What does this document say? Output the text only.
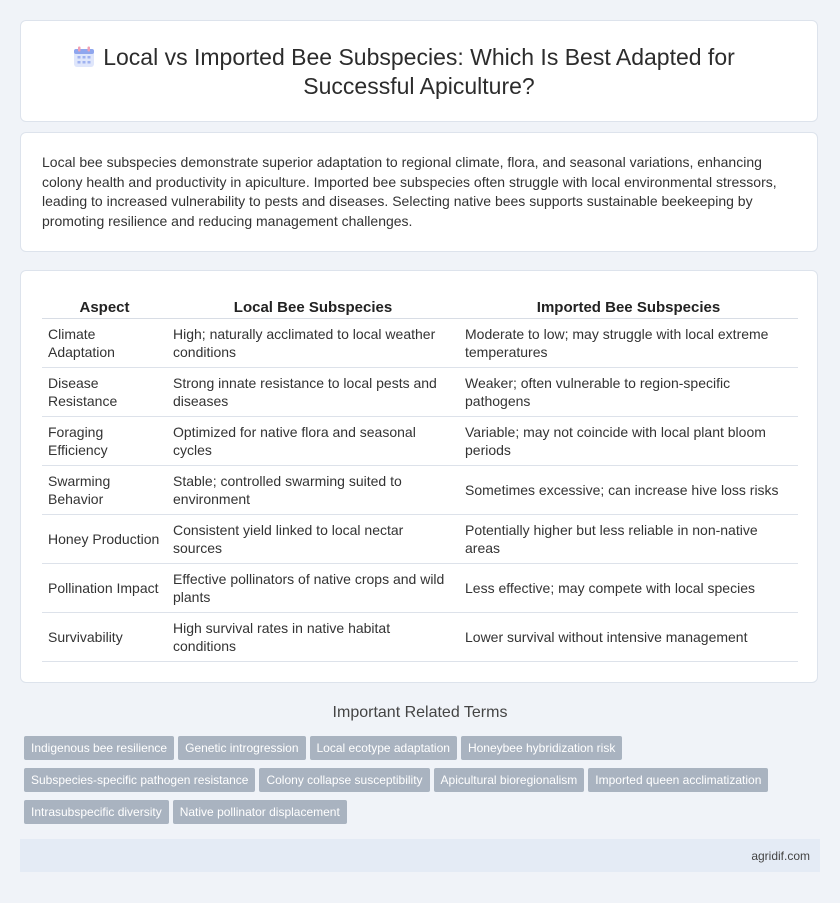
Local vs Imported Bee Subspecies: Which Is Best Adapted for Successful Apiculture?

Local bee subspecies demonstrate superior adaptation to regional climate, flora, and seasonal variations, enhancing colony health and productivity in apiculture. Imported bee subspecies often struggle with local environmental stressors, leading to increased vulnerability to pests and diseases. Selecting native bees supports sustainable beekeeping by promoting resilience and reducing management challenges.

Aspect	Local Bee Subspecies	Imported Bee Subspecies
Climate Adaptation	High; naturally acclimated to local weather conditions	Moderate to low; may struggle with local extreme temperatures
Disease Resistance	Strong innate resistance to local pests and diseases	Weaker; often vulnerable to region-specific pathogens
Foraging Efficiency	Optimized for native flora and seasonal cycles	Variable; may not coincide with local plant bloom periods
Swarming Behavior	Stable; controlled swarming suited to environment	Sometimes excessive; can increase hive loss risks
Honey Production	Consistent yield linked to local nectar sources	Potentially higher but less reliable in non-native areas
Pollination Impact	Effective pollinators of native crops and wild plants	Less effective; may compete with local species
Survivability	High survival rates in native habitat conditions	Lower survival without intensive management
Important Related Terms
Indigenous bee resilience Genetic introgression Local ecotype adaptation Honeybee hybridization riskSubspecies-specific pathogen resistance Colony collapse susceptibility Apicultural bioregionalism Imported queen acclimatizationIntrasubspecific diversity Native pollinator displacement
agridif.com
